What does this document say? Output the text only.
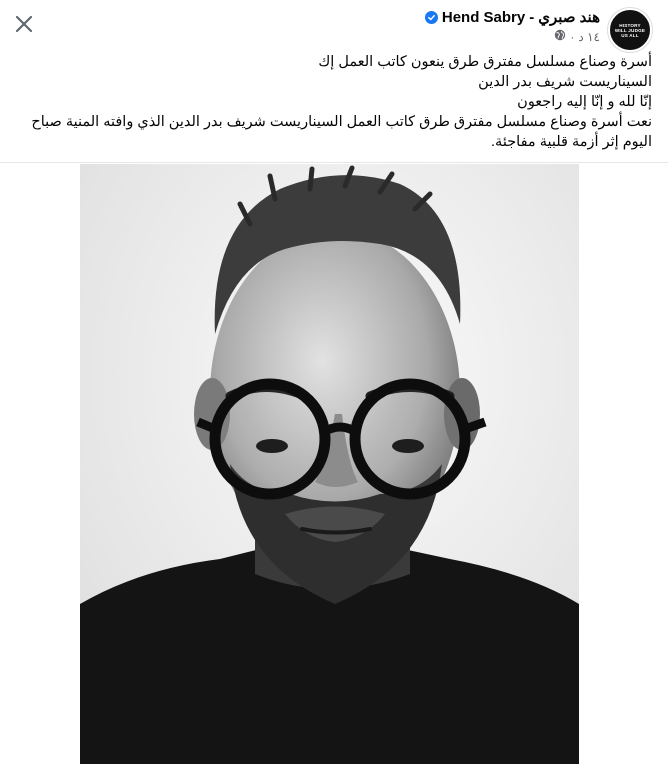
HISTORY WILL JUDGE US ALL
هند صبري
-
Hend Sabry
١٤ د
·
أسرة وصناع مسلسل مفترق طرق ينعون كاتب العمل إك
السيناريست شريف بدر الدين
إنّا لله و إنّا إليه راجعون
نعت أسرة وصناع مسلسل مفترق طرق كاتب العمل السيناريست شريف بدر الدين الذي وافته المنية صباح
اليوم إثر أزمة قلبية مفاجئة.
